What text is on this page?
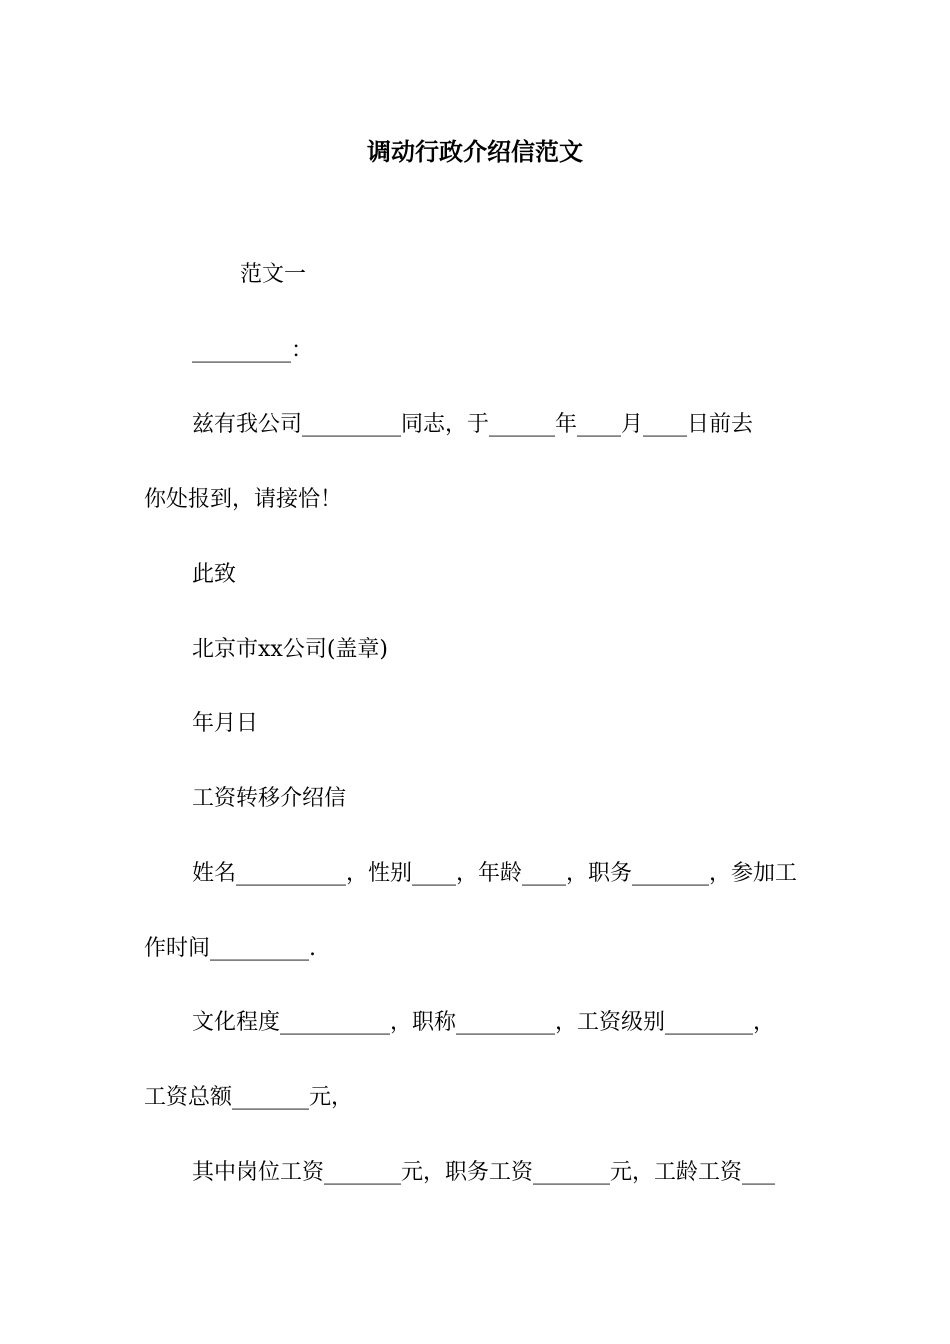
调动行政介绍信范文
范文一
_________：
兹有我公司_________同志，于______年____月____日前去
你处报到，请接恰！
此致
北京市xx公司(盖章)
年月日
工资转移介绍信
姓名__________，性别____，年龄____，职务_______，参加工
作时间_________.
文化程度__________，职称_________，工资级别________，
工资总额_______元，
其中岗位工资_______元，职务工资_______元，工龄工资___
